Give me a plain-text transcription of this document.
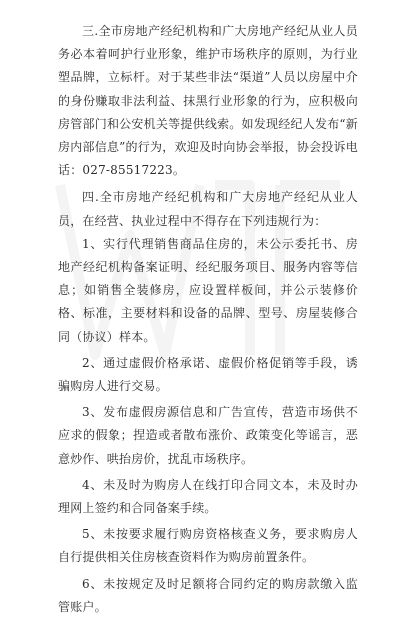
三.全市房地产经纪机构和广大房地产经纪从业人员务必本着呵护行业形象，维护市场秩序的原则，为行业塑品牌，立标杆。对于某些非法“渠道”人员以房屋中介的身份赚取非法利益、抹黑行业形象的行为，应积极向房管部门和公安机关等提供线索。如发现经纪人发布“新房内部信息”的行为，欢迎及时向协会举报，协会投诉电话：027-85517223。

四.全市房地产经纪机构和广大房地产经纪从业人员，在经营、执业过程中不得存在下列违规行为：

1、实行代理销售商品住房的，未公示委托书、房地产经纪机构备案证明、经纪服务项目、服务内容等信息；如销售全装修房，应设置样板间，并公示装修价格、标准，主要材料和设备的品牌、型号、房屋装修合同（协议）样本。

2、通过虚假价格承诺、虚假价格促销等手段，诱骗购房人进行交易。

3、发布虚假房源信息和广告宣传，营造市场供不应求的假象；捏造或者散布涨价、政策变化等谣言，恶意炒作、哄抬房价，扰乱市场秩序。

4、未及时为购房人在线打印合同文本，未及时办理网上签约和合同备案手续。

5、未按要求履行购房资格核查义务，要求购房人自行提供相关住房核查资料作为购房前置条件。

6、未按规定及时足额将合同约定的购房款缴入监管账户。
